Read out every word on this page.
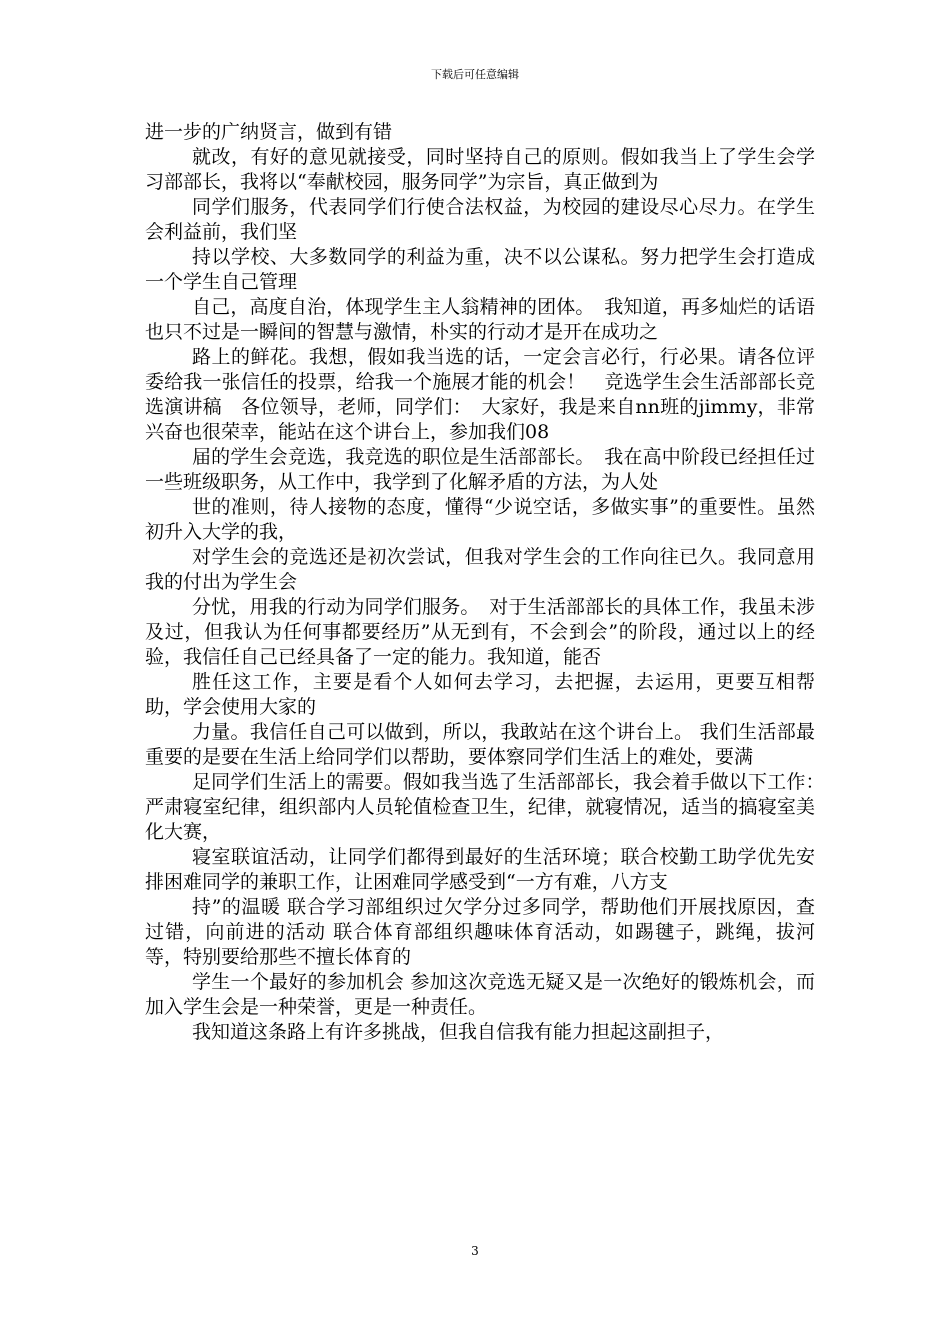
下载后可任意编辑

进一步的广纳贤言，做到有错

就改，有好的意见就接受，同时坚持自己的原则。假如我当上了学生会学习部部长，我将以“奉献校园，服务同学”为宗旨，真正做到为

同学们服务，代表同学们行使合法权益，为校园的建设尽心尽力。在学生会利益前，我们坚

持以学校、大多数同学的利益为重，决不以公谋私。努力把学生会打造成一个学生自己管理

自己，高度自治，体现学生主人翁精神的团体。　我知道，再多灿烂的话语也只不过是一瞬间的智慧与激情，朴实的行动才是开在成功之

路上的鲜花。我想，假如我当选的话，一定会言必行，行必果。请各位评委给我一张信任的投票，给我一个施展才能的机会！　竞选学生会生活部部长竞选演讲稿　各位领导，老师，同学们：　大家好，我是来自nn班的jimmy，非常兴奋也很荣幸，能站在这个讲台上，参加我们08

届的学生会竞选，我竞选的职位是生活部部长。　我在高中阶段已经担任过一些班级职务，从工作中，我学到了化解矛盾的方法，为人处

世的准则，待人接物的态度，懂得“少说空话，多做实事”的重要性。虽然初升入大学的我，

对学生会的竞选还是初次尝试，但我对学生会的工作向往已久。我同意用我的付出为学生会

分忧，用我的行动为同学们服务。　对于生活部部长的具体工作，我虽未涉及过，但我认为任何事都要经历”从无到有，不会到会”的阶段，通过以上的经验，我信任自己已经具备了一定的能力。我知道，能否

胜任这工作，主要是看个人如何去学习，去把握，去运用，更要互相帮助，学会使用大家的

力量。我信任自己可以做到，所以，我敢站在这个讲台上。 我们生活部最重要的是要在生活上给同学们以帮助，要体察同学们生活上的难处，要满

足同学们生活上的需要。假如我当选了生活部部长，我会着手做以下工作：　严肃寝室纪律，组织部内人员轮值检查卫生，纪律，就寝情况，适当的搞寝室美化大赛，

寝室联谊活动，让同学们都得到最好的生活环境；联合校勤工助学优先安排困难同学的兼职工作，让困难同学感受到“一方有难，八方支

持”的温暖 联合学习部组织过欠学分过多同学，帮助他们开展找原因，查过错，向前进的活动 联合体育部组织趣味体育活动，如踢毽子，跳绳，拔河等，特别要给那些不擅长体育的

学生一个最好的参加机会 参加这次竞选无疑又是一次绝好的锻炼机会，而加入学生会是一种荣誉，更是一种责任。

我知道这条路上有许多挑战，但我自信我有能力担起这副担子，

3
